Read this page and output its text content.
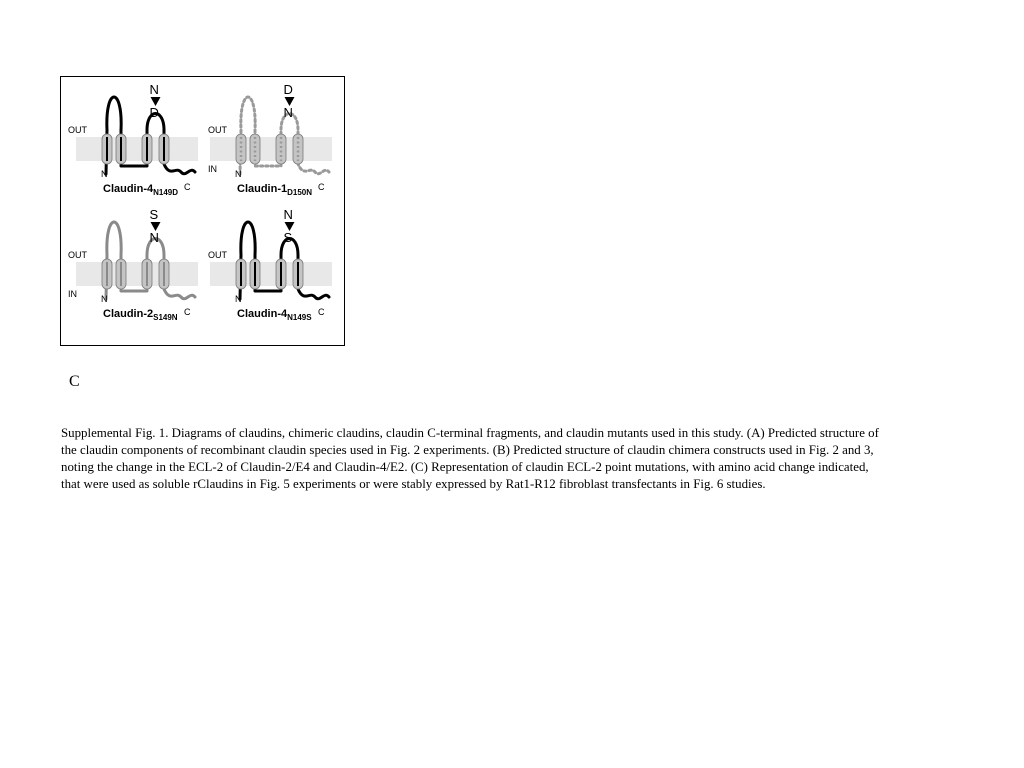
N
D
OUT
N
C
Claudin-$4_{N149D}$
D
N
OUT
IN N
C
Claudin-$1_{D150N}$
S
N
OUT
IN	N
C
Claudin-$2_{S149N}$
N
S
OUT
N
C
Claudin-$4_{N149S}$
C

Supplemental Fig. 1. Diagrams of claudins, chimeric claudins, claudin C-terminal fragments, and claudin mutants used in this study. (A) Predicted structure of the claudin components of recombinant claudin species used in Fig. 2 experiments. (B) Predicted structure of claudin chimera constructs used in Fig. 2 and 3, noting the change in the ECL-2 of Claudin-2/E4 and Claudin-4/E2. (C) Representation of claudin ECL-2 point mutations, with amino acid change indicated, that were used as soluble rClaudins in Fig. 5 experiments or were stably expressed by Rat1-R12 fibroblast transfectants in Fig. 6 studies.
